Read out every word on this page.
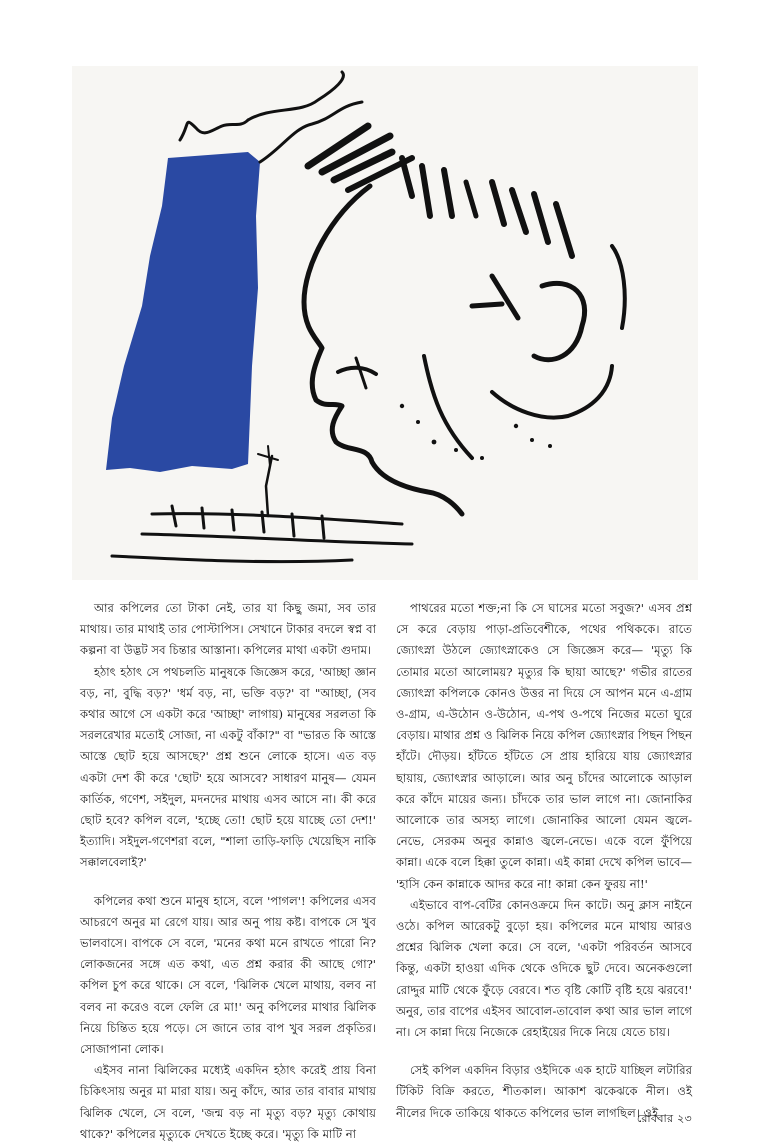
আর কপিলের তো টাকা নেই, তার যা কিছু জমা, সব তার মাথায়। তার মাথাই তার পোস্টাপিস। সেখানে টাকার বদলে স্বপ্ন বা কল্পনা বা উদ্ভট সব চিন্তার আস্তানা। কপিলের মাথা একটা গুদাম।

হঠাৎ হঠাৎ সে পথচলতি মানুষকে জিজ্ঞেস করে, 'আচ্ছা জ্ঞান বড়, না, বুদ্ধি বড়?' 'ধর্ম বড়, না, ভক্তি বড়?' বা "আচ্ছা, (সব কথার আগে সে একটা করে 'আচ্ছা' লাগায়) মানুষের সরলতা কি সরলরেখার মতোই সোজা, না একটু বাঁকা?" বা "ভারত কি আস্তে আস্তে ছোট হয়ে আসছে?' প্রশ্ন শুনে লোকে হাসে। এত বড় একটা দেশ কী করে 'ছোট' হয়ে আসবে? সাধারণ মানুষ— যেমন কার্তিক, গণেশ, সইদুল, মদনদের মাথায় এসব আসে না। কী করে ছোট হবে? কপিল বলে, 'হচ্ছে তো! ছোট হয়ে যাচ্ছে তো দেশ!' ইত্যাদি। সইদুল-গণেশরা বলে, "শালা তাড়ি-ফাড়ি খেয়েছিস নাকি সক্কালবেলাই?'

কপিলের কথা শুনে মানুষ হাসে, বলে 'পাগল'! কপিলের এসব আচরণে অনুর মা রেগে যায়। আর অনু পায় কষ্ট। বাপকে সে খুব ভালবাসে। বাপকে সে বলে, 'মনের কথা মনে রাখতে পারো নি? লোকজনের সঙ্গে এত কথা, এত প্রশ্ন করার কী আছে গো?' কপিল চুপ করে থাকে। সে বলে, 'ঝিলিক খেলে মাথায়, বলব না বলব না করেও বলে ফেলি রে মা!' অনু কপিলের মাথার ঝিলিক নিয়ে চিন্তিত হয়ে পড়ে। সে জানে তার বাপ খুব সরল প্রকৃতির। সোজাপানা লোক।

এইসব নানা ঝিলিকের মধ্যেই একদিন হঠাৎ করেই প্রায় বিনা চিকিৎসায় অনুর মা মারা যায়। অনু কাঁদে, আর তার বাবার মাথায় ঝিলিক খেলে, সে বলে, 'জন্ম বড় না মৃত্যু বড়? মৃত্যু কোথায় থাকে?' কপিলের মৃত্যুকে দেখতে ইচ্ছে করে। 'মৃত্যু কি মাটি না

পাথরের মতো শক্ত;না কি সে ঘাসের মতো সবুজ?' এসব প্রশ্ন সে করে বেড়ায় পাড়া-প্রতিবেশীকে, পথের পথিককে। রাতে জ্যোৎস্না উঠলে জ্যোৎস্নাকেও সে জিজ্ঞেস করে— 'মৃত্যু কি তোমার মতো আলোময়? মৃত্যুর কি ছায়া আছে?' গভীর রাতের জ্যোৎস্না কপিলকে কোনও উত্তর না দিয়ে সে আপন মনে এ-গ্রাম ও-গ্রাম, এ-উঠোন ও-উঠোন, এ-পথ ও-পথে নিজের মতো ঘুরে বেড়ায়। মাথার প্রশ্ন ও ঝিলিক নিয়ে কপিল জ্যোৎস্নার পিছন পিছন হাঁটে। দৌড়য়। হাঁটতে হাঁটতে সে প্রায় হারিয়ে যায় জ্যোৎস্নার ছায়ায়, জ্যোৎস্নার আড়ালে। আর অনু চাঁদের আলোকে আড়াল করে কাঁদে মায়ের জন্য। চাঁদকে তার ভাল লাগে না। জোনাকির আলোকে তার অসহ্য লাগে। জোনাকির আলো যেমন জ্বলে-নেভে, সেরকম অনুর কান্নাও জ্বলে-নেভে। একে বলে ফুঁপিয়ে কান্না। একে বলে হিক্কা তুলে কান্না। এই কান্না দেখে কপিল ভাবে— 'হাসি কেন কান্নাকে আদর করে না! কান্না কেন ফুরয় না!'

এইভাবে বাপ-বেটির কোনওক্রমে দিন কাটে। অনু ক্লাস নাইনে ওঠে। কপিল আরেকটু বুড়ো হয়। কপিলের মনে মাথায় আরও প্রশ্নের ঝিলিক খেলা করে। সে বলে, 'একটা পরিবর্তন আসবে কিন্তু, একটা হাওয়া এদিক থেকে ওদিকে ছুট দেবে। অনেকগুলো রোদ্দুর মাটি থেকে ফুঁড়ে বেরবে। শত বৃষ্টি কোটি বৃষ্টি হয়ে ঝরবে!' অনুর, তার বাপের এইসব আবোল-তাবোল কথা আর ভাল লাগে না। সে কান্না দিয়ে নিজেকে রেহাইয়ের দিকে নিয়ে যেতে চায়।

সেই কপিল একদিন বিড়ার ওইদিকে এক হাটে যাচ্ছিল লটারির টিকিট বিক্রি করতে, শীতকাল। আকাশ ঝকেঝকে নীল। ওই নীলের দিকে তাকিয়ে থাকতে কপিলের ভাল লাগছিল। ওই

রোববার ২৩
